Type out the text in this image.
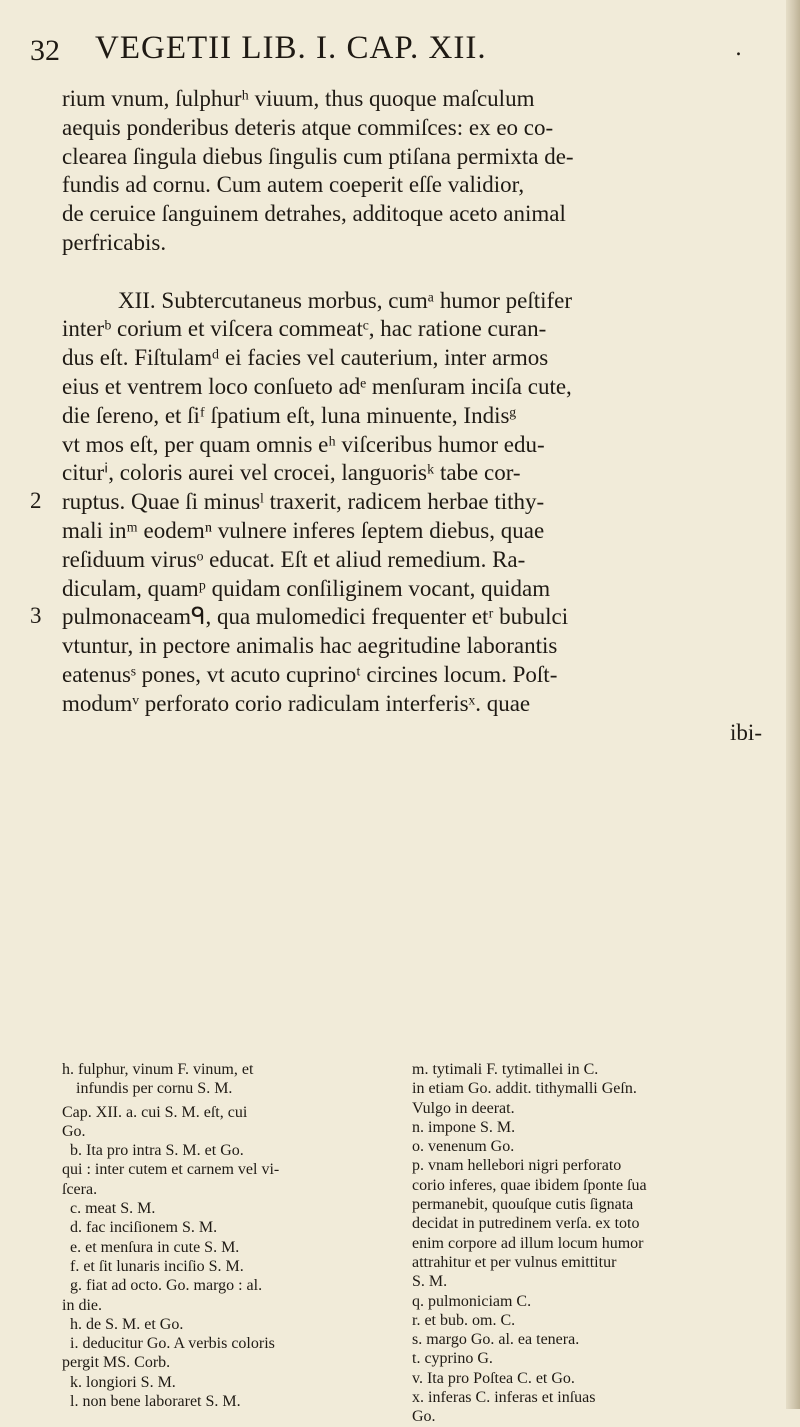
32 VEGETII LIB. I. CAP. XII.	.
rium vnum, ſulphurʰ viuum, thus quoque maſculum
aequis ponderibus deteris atque commiſces: ex eo co-
clearea ſingula diebus ſingulis cum ptiſana permixta de-
fundis ad cornu. Cum autem coeperit eſſe validior,
de ceruice ſanguinem detrahes, additoque aceto animal
perfricabis.
XII. Subtercutaneus morbus, cumᵃ humor peſtifer
interᵇ corium et viſcera commeatᶜ, hac ratione curan-
dus eſt. Fiſtulamᵈ ei facies vel cauterium, inter armos
eius et ventrem loco conſueto adᵉ menſuram inciſa cute,
die ſereno, et ſiᶠ ſpatium eſt, luna minuente, Indisᵍ
vt mos eſt, per quam omnis eʰ viſceribus humor edu-
citurⁱ, coloris aurei vel crocei, languorisᵏ tabe cor-
ruptus. Quae ſi minusˡ traxerit, radicem herbae tithy-
mali inᵐ eodemⁿ vulnere inferes ſeptem diebus, quae
reſiduum virusᵒ educat. Eſt et aliud remedium. Ra-
diculam, quamᵖ quidam conſiliginem vocant, quidam
pulmonaceamᑫ, qua mulomedici frequenter etʳ bubulci
vtuntur, in pectore animalis hac aegritudine laborantis
eatenusˢ pones, vt acuto cuprinoᵗ circines locum. Poſt-
modumᵛ perforato corio radiculam interferisˣ. quae
ibi-
2
3
h. fulphur, vinum F. vinum, et
infundis per cornu S. M.
Cap. XII. a. cui S. M. eſt, cui
Go.
b. Ita pro intra S. M. et Go.
qui : inter cutem et carnem vel vi-
ſcera.
c. meat S. M.
d. fac inciſionem S. M.
e. et menſura in cute S. M.
f. et ſit lunaris inciſio S. M.
g. fiat ad octo. Go. margo : al.
in die.
h. de S. M. et Go.
i. deducitur Go. A verbis coloris
pergit MS. Corb.
k. longiori S. M.
l. non bene laboraret S. M.
m. tytimali F. tytimallei in C.
in etiam Go. addit. tithymalli Geſn.
Vulgo in deerat.
n. impone S. M.
o. venenum Go.
p. vnam hellebori nigri perforato
corio inferes, quae ibidem ſponte ſua
permanebit, quouſque cutis ſignata
decidat in putredinem verſa. ex toto
enim corpore ad illum locum humor
attrahitur et per vulnus emittitur
S. M.
q. pulmoniciam C.
r. et bub. om. C.
s. margo Go. al. ea tenera.
t. cyprino G.
v. Ita pro Poſtea C. et Go.
x. inferas C. inferas et inſuas
Go.
